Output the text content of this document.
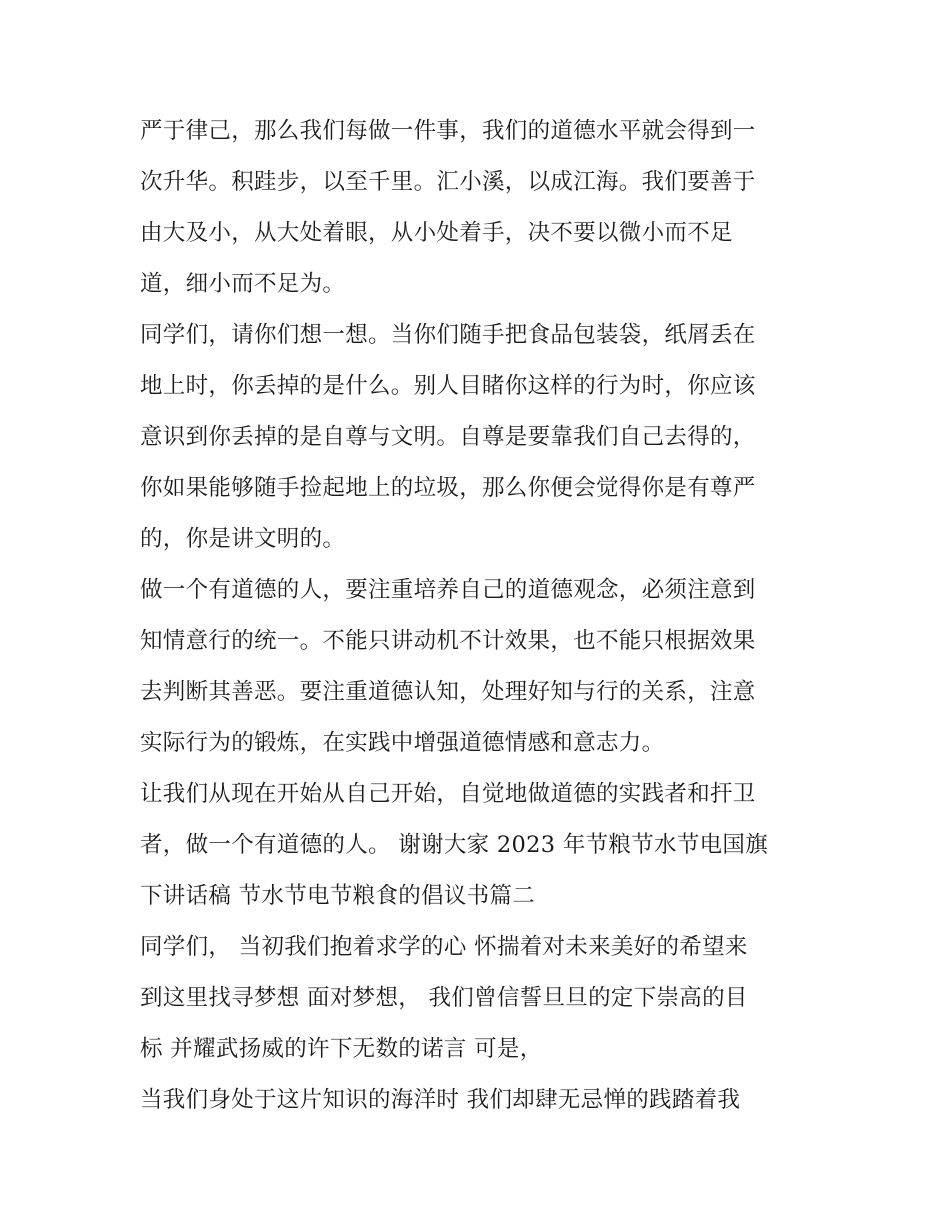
严于律己，那么我们每做一件事，我们的道德水平就会得到一
次升华。积跬步，以至千里。汇小溪，以成江海。我们要善于
由大及小，从大处着眼，从小处着手，决不要以微小而不足
道，细小而不足为。
同学们，请你们想一想。当你们随手把食品包装袋，纸屑丢在
地上时，你丢掉的是什么。别人目睹你这样的行为时，你应该
意识到你丢掉的是自尊与文明。自尊是要靠我们自己去得的，
你如果能够随手捡起地上的垃圾，那么你便会觉得你是有尊严
的，你是讲文明的。
做一个有道德的人，要注重培养自己的道德观念，必须注意到
知情意行的统一。不能只讲动机不计效果，也不能只根据效果
去判断其善恶。要注重道德认知，处理好知与行的关系，注意
实际行为的锻炼，在实践中增强道德情感和意志力。
让我们从现在开始从自己开始，自觉地做道德的实践者和扞卫
者，做一个有道德的人。 谢谢大家 2023 年节粮节水节电国旗
下讲话稿 节水节电节粮食的倡议书篇二
同学们， 当初我们抱着求学的心 怀揣着对未来美好的希望来
到这里找寻梦想 面对梦想， 我们曾信誓旦旦的定下崇高的目
标 并耀武扬威的许下无数的诺言 可是，
当我们身处于这片知识的海洋时 我们却肆无忌惮的践踏着我
